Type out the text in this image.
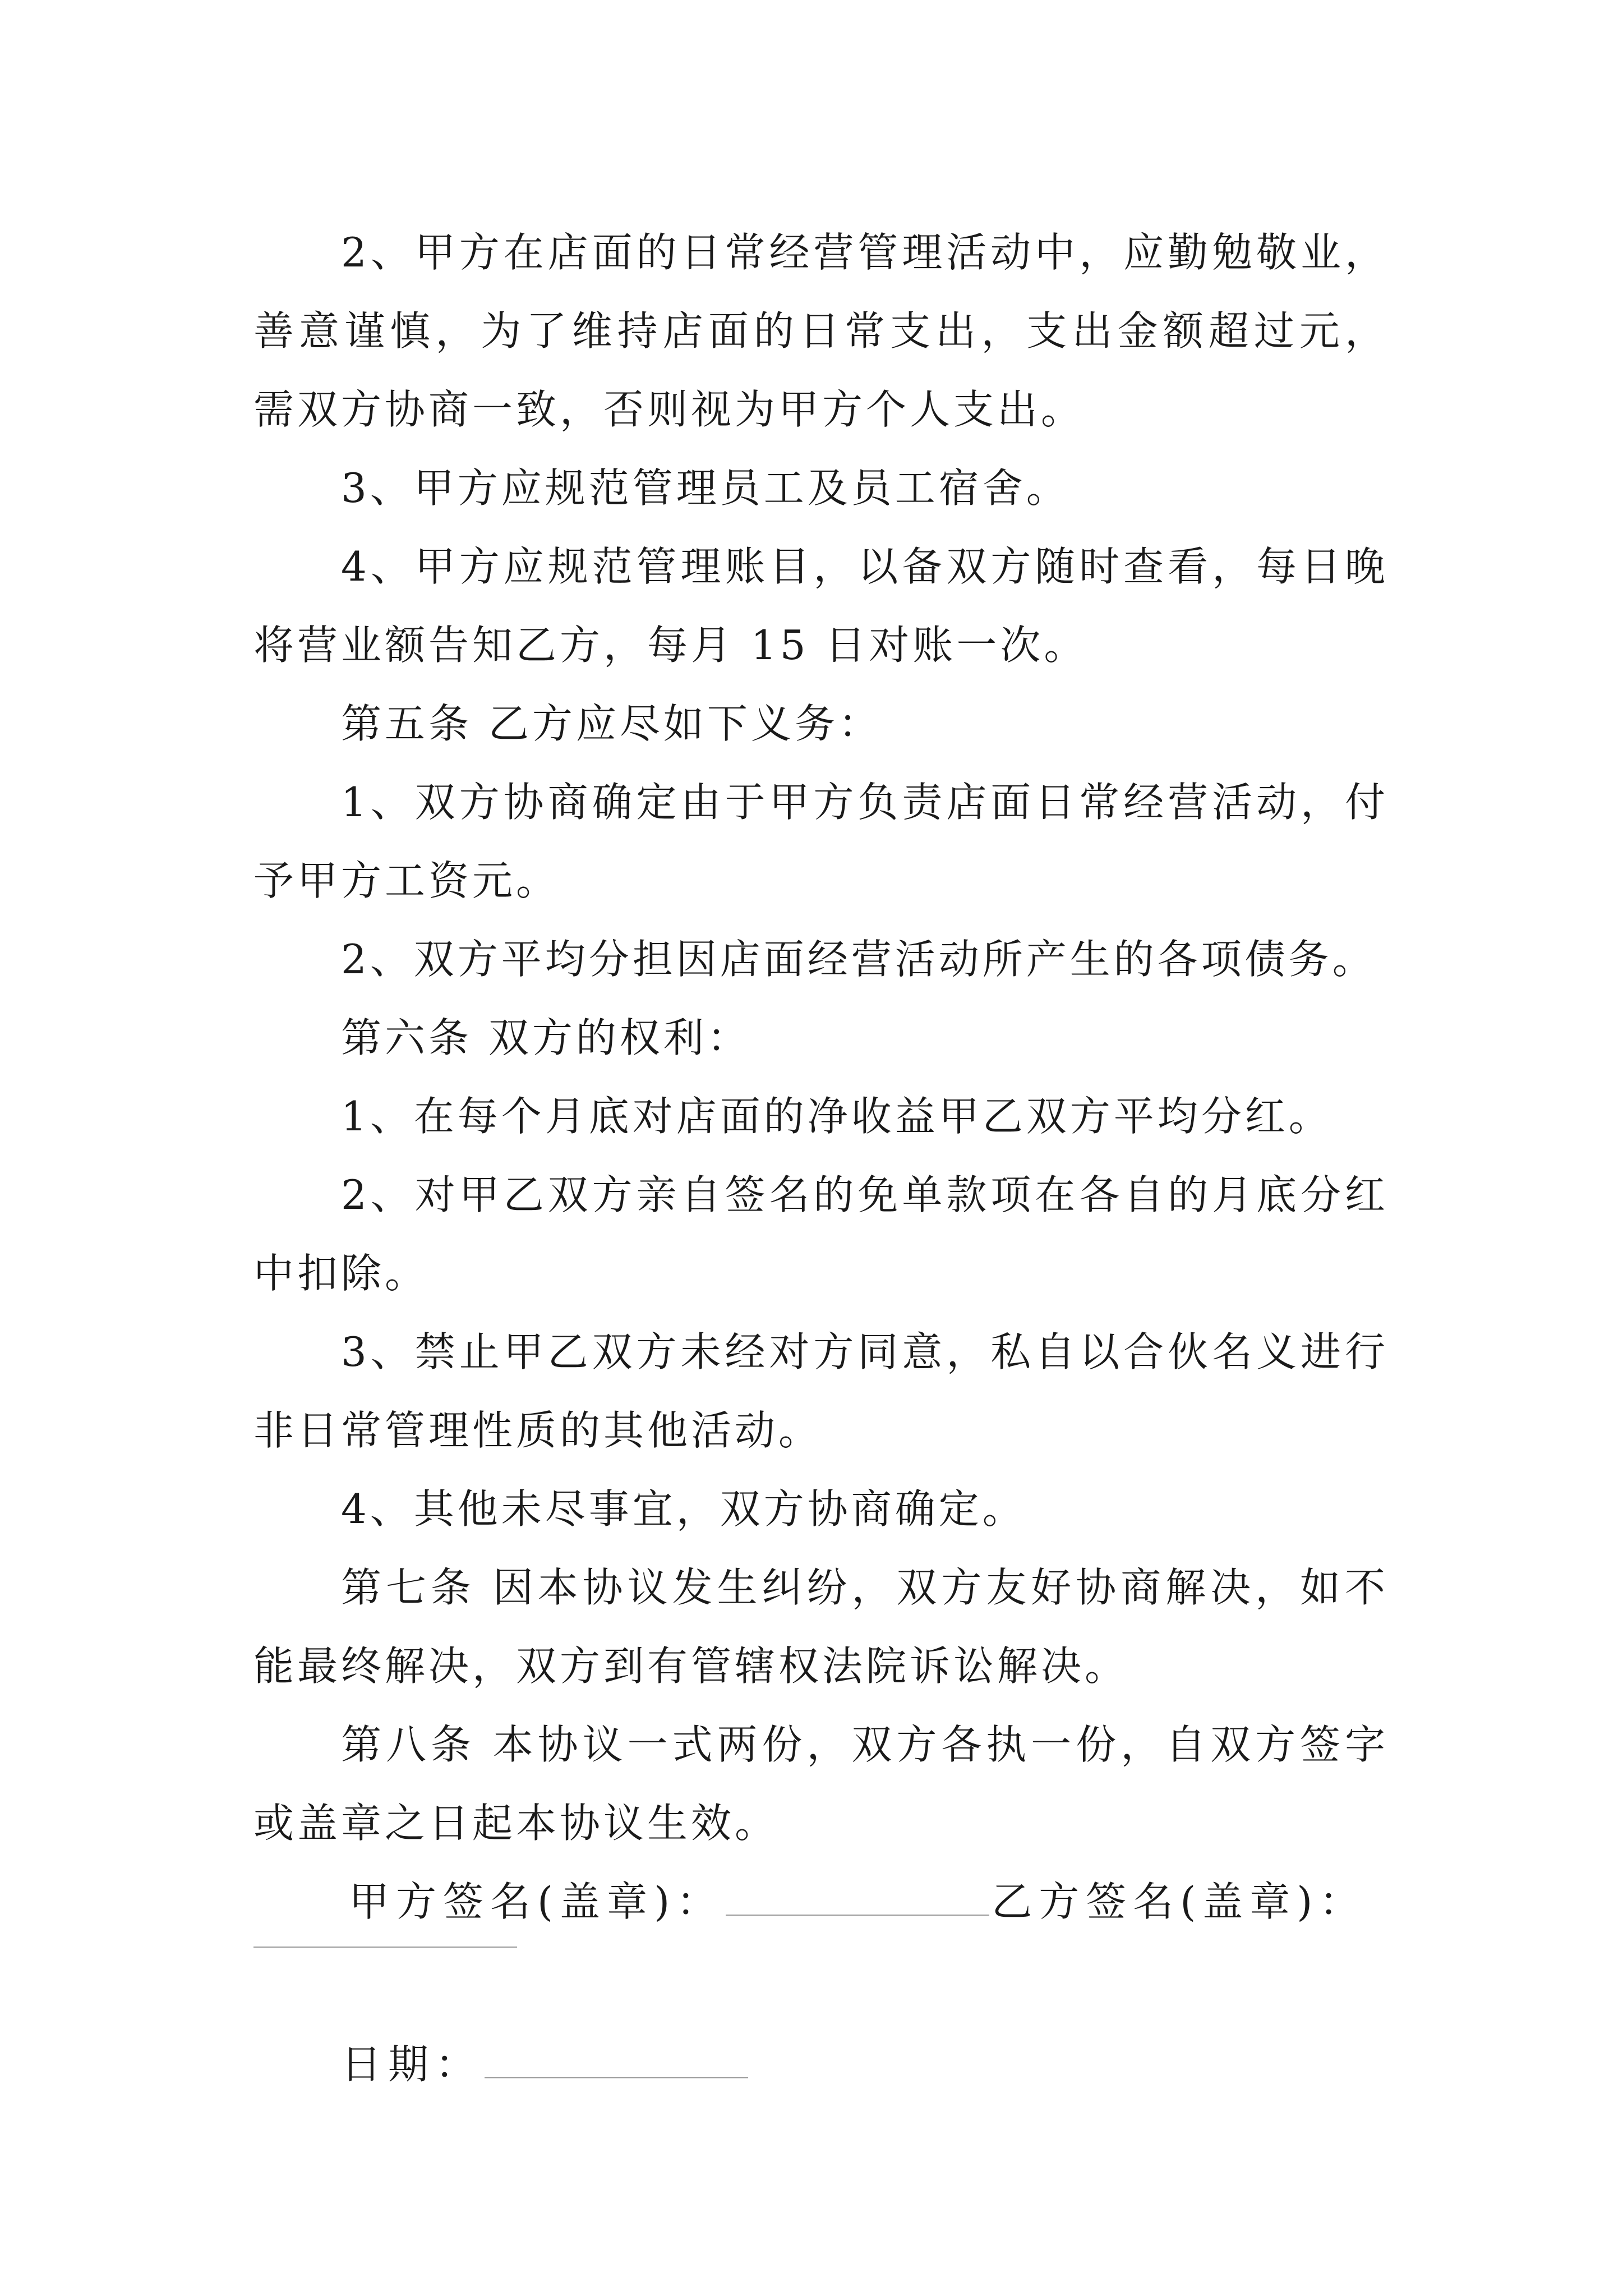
2、甲方在店面的日常经营管理活动中，应勤勉敬业，善意谨慎，为了维持店面的日常支出，支出金额超过元，需双方协商一致，否则视为甲方个人支出。

3、甲方应规范管理员工及员工宿舍。

4、甲方应规范管理账目，以备双方随时查看，每日晚将营业额告知乙方，每月 15 日对账一次。

第五条 乙方应尽如下义务：

1、双方协商确定由于甲方负责店面日常经营活动，付予甲方工资元。

2、双方平均分担因店面经营活动所产生的各项债务。

第六条 双方的权利：

1、在每个月底对店面的净收益甲乙双方平均分红。

2、对甲乙双方亲自签名的免单款项在各自的月底分红中扣除。

3、禁止甲乙双方未经对方同意，私自以合伙名义进行非日常管理性质的其他活动。

4、其他未尽事宜，双方协商确定。

第七条 因本协议发生纠纷，双方友好协商解决，如不能最终解决，双方到有管辖权法院诉讼解决。

第八条 本协议一式两份，双方各执一份，自双方签字或盖章之日起本协议生效。

甲方签名(盖章)：	乙方签名(盖章)：

日期：
